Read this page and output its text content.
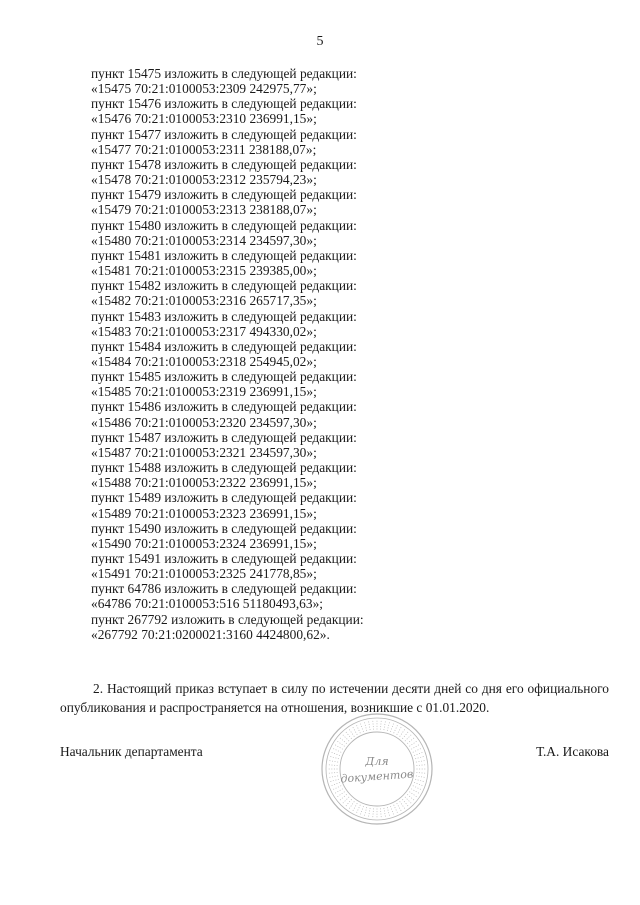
5
пункт 15475 изложить в следующей редакции:
«15475 70:21:0100053:2309 242975,77»;
пункт 15476 изложить в следующей редакции:
«15476 70:21:0100053:2310 236991,15»;
пункт 15477 изложить в следующей редакции:
«15477 70:21:0100053:2311 238188,07»;
пункт 15478 изложить в следующей редакции:
«15478 70:21:0100053:2312 235794,23»;
пункт 15479 изложить в следующей редакции:
«15479 70:21:0100053:2313 238188,07»;
пункт 15480 изложить в следующей редакции:
«15480 70:21:0100053:2314 234597,30»;
пункт 15481 изложить в следующей редакции:
«15481 70:21:0100053:2315 239385,00»;
пункт 15482 изложить в следующей редакции:
«15482 70:21:0100053:2316 265717,35»;
пункт 15483 изложить в следующей редакции:
«15483 70:21:0100053:2317 494330,02»;
пункт 15484 изложить в следующей редакции:
«15484 70:21:0100053:2318 254945,02»;
пункт 15485 изложить в следующей редакции:
«15485 70:21:0100053:2319 236991,15»;
пункт 15486 изложить в следующей редакции:
«15486 70:21:0100053:2320 234597,30»;
пункт 15487 изложить в следующей редакции:
«15487 70:21:0100053:2321 234597,30»;
пункт 15488 изложить в следующей редакции:
«15488 70:21:0100053:2322 236991,15»;
пункт 15489 изложить в следующей редакции:
«15489 70:21:0100053:2323 236991,15»;
пункт 15490 изложить в следующей редакции:
«15490 70:21:0100053:2324 236991,15»;
пункт 15491 изложить в следующей редакции:
«15491 70:21:0100053:2325 241778,85»;
пункт 64786 изложить в следующей редакции:
«64786 70:21:0100053:516 51180493,63»;
пункт 267792 изложить в следующей редакции:
«267792 70:21:0200021:3160 4424800,62».
2. Настоящий приказ вступает в силу по истечении десяти дней со дня его официального опубликования и распространяется на отношения, возникшие с 01.01.2020.
Начальник департамента	Т.А. Исакова
Для
документов
